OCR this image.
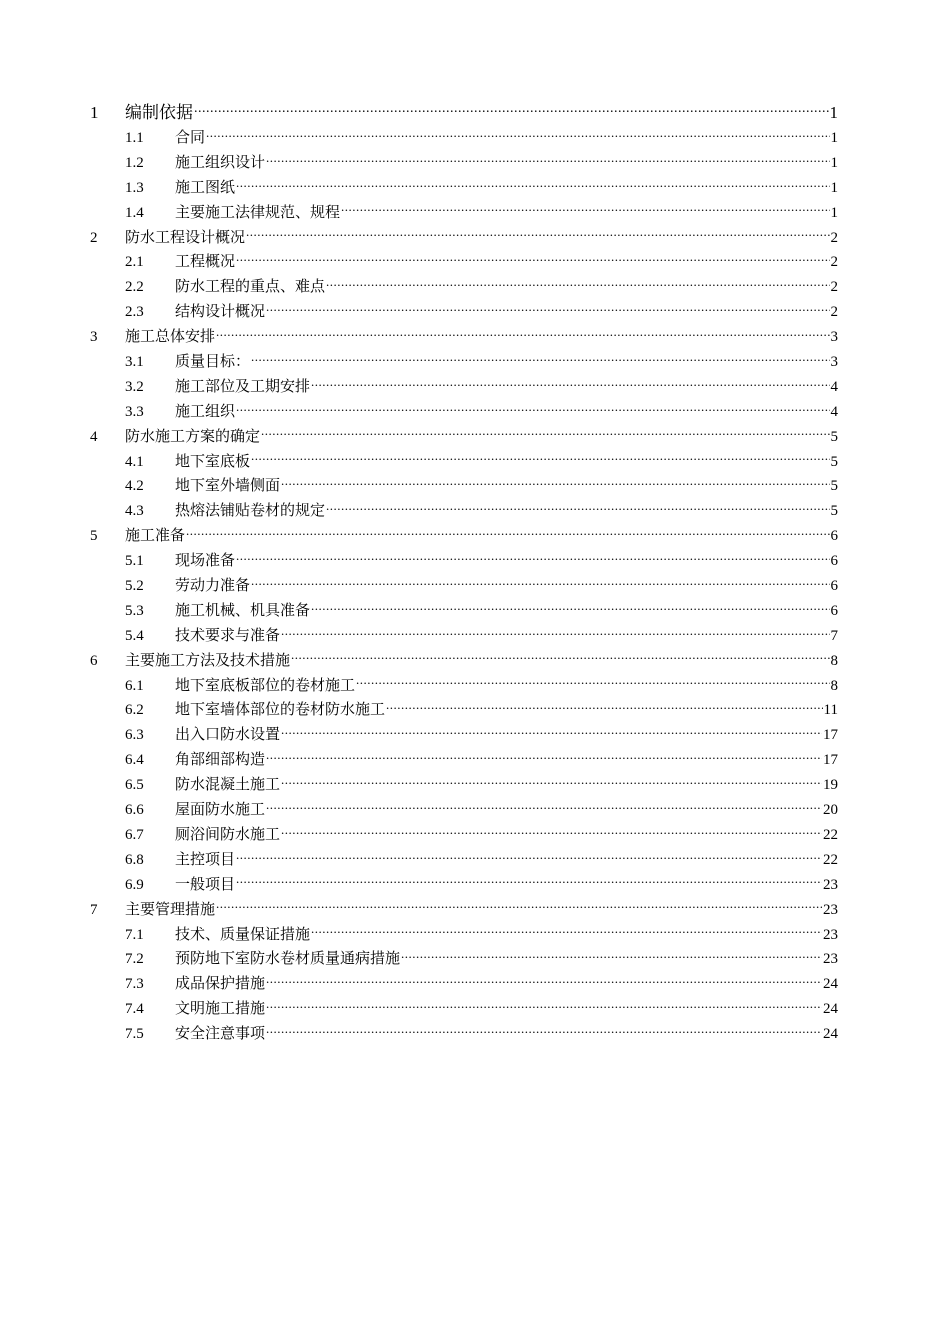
1	编制依据 .....	1
1.1	合同 .....	1
1.2	施工组织设计 .....	1
1.3	施工图纸 .....	1
1.4	主要施工法律规范、规程 .....	1
2	防水工程设计概况 .....	2
2.1	工程概况 .....	2
2.2	防水工程的重点、难点 .....	2
2.3	结构设计概况 .....	2
3	施工总体安排 .....	3
3.1	质量目标： .....	3
3.2	施工部位及工期安排 .....	4
3.3	施工组织 .....	4
4	防水施工方案的确定 .....	5
4.1	地下室底板 .....	5
4.2	地下室外墙侧面 .....	5
4.3	热熔法铺贴卷材的规定 .....	5
5	施工准备 .....	6
5.1	现场准备 .....	6
5.2	劳动力准备 .....	6
5.3	施工机械、机具准备 .....	6
5.4	技术要求与准备 .....	7
6	主要施工方法及技术措施 .....	8
6.1	地下室底板部位的卷材施工 .....	8
6.2	地下室墙体部位的卷材防水施工 .....	11
6.3	出入口防水设置 .....	17
6.4	角部细部构造 .....	17
6.5	防水混凝土施工 .....	19
6.6	屋面防水施工 .....	20
6.7	厕浴间防水施工 .....	22
6.8	主控项目 .....	22
6.9	一般项目 .....	23
7	主要管理措施 .....	23
7.1	技术、质量保证措施 .....	23
7.2	预防地下室防水卷材质量通病措施 .....	23
7.3	成品保护措施 .....	24
7.4	文明施工措施 .....	24
7.5	安全注意事项 .....	24
